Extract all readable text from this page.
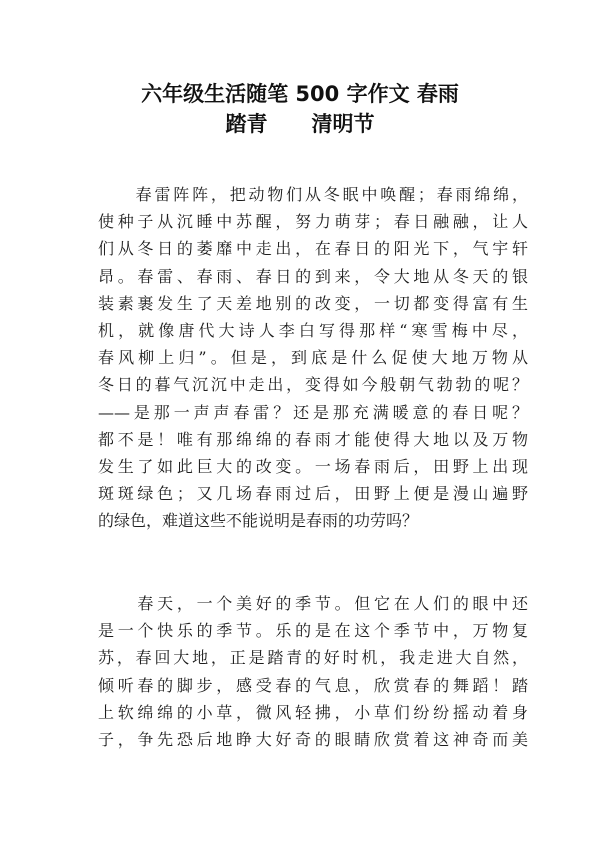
六年级生活随笔 500 字作文 春雨
踏青 清明节
　　春雷阵阵，把动物们从冬眠中唤醒；春雨绵绵，
使种子从沉睡中苏醒，努力萌芽；春日融融，让人
们从冬日的萎靡中走出，在春日的阳光下，气宇轩
昂。春雷、春雨、春日的到来，令大地从冬天的银
装素裹发生了天差地别的改变，一切都变得富有生
机，就像唐代大诗人李白写得那样“寒雪梅中尽，
春风柳上归”。但是，到底是什么促使大地万物从
冬日的暮气沉沉中走出，变得如今般朝气勃勃的呢？
——是那一声声春雷？还是那充满暖意的春日呢？
都不是！唯有那绵绵的春雨才能使得大地以及万物
发生了如此巨大的改变。一场春雨后，田野上出现
斑斑绿色；又几场春雨过后，田野上便是漫山遍野
的绿色，难道这些不能说明是春雨的功劳吗？
　　春天，一个美好的季节。但它在人们的眼中还
是一个快乐的季节。乐的是在这个季节中，万物复
苏，春回大地，正是踏青的好时机，我走进大自然，
倾听春的脚步，感受春的气息，欣赏春的舞蹈！踏
上软绵绵的小草，微风轻拂，小草们纷纷摇动着身
子，争先恐后地睁大好奇的眼睛欣赏着这神奇而美
